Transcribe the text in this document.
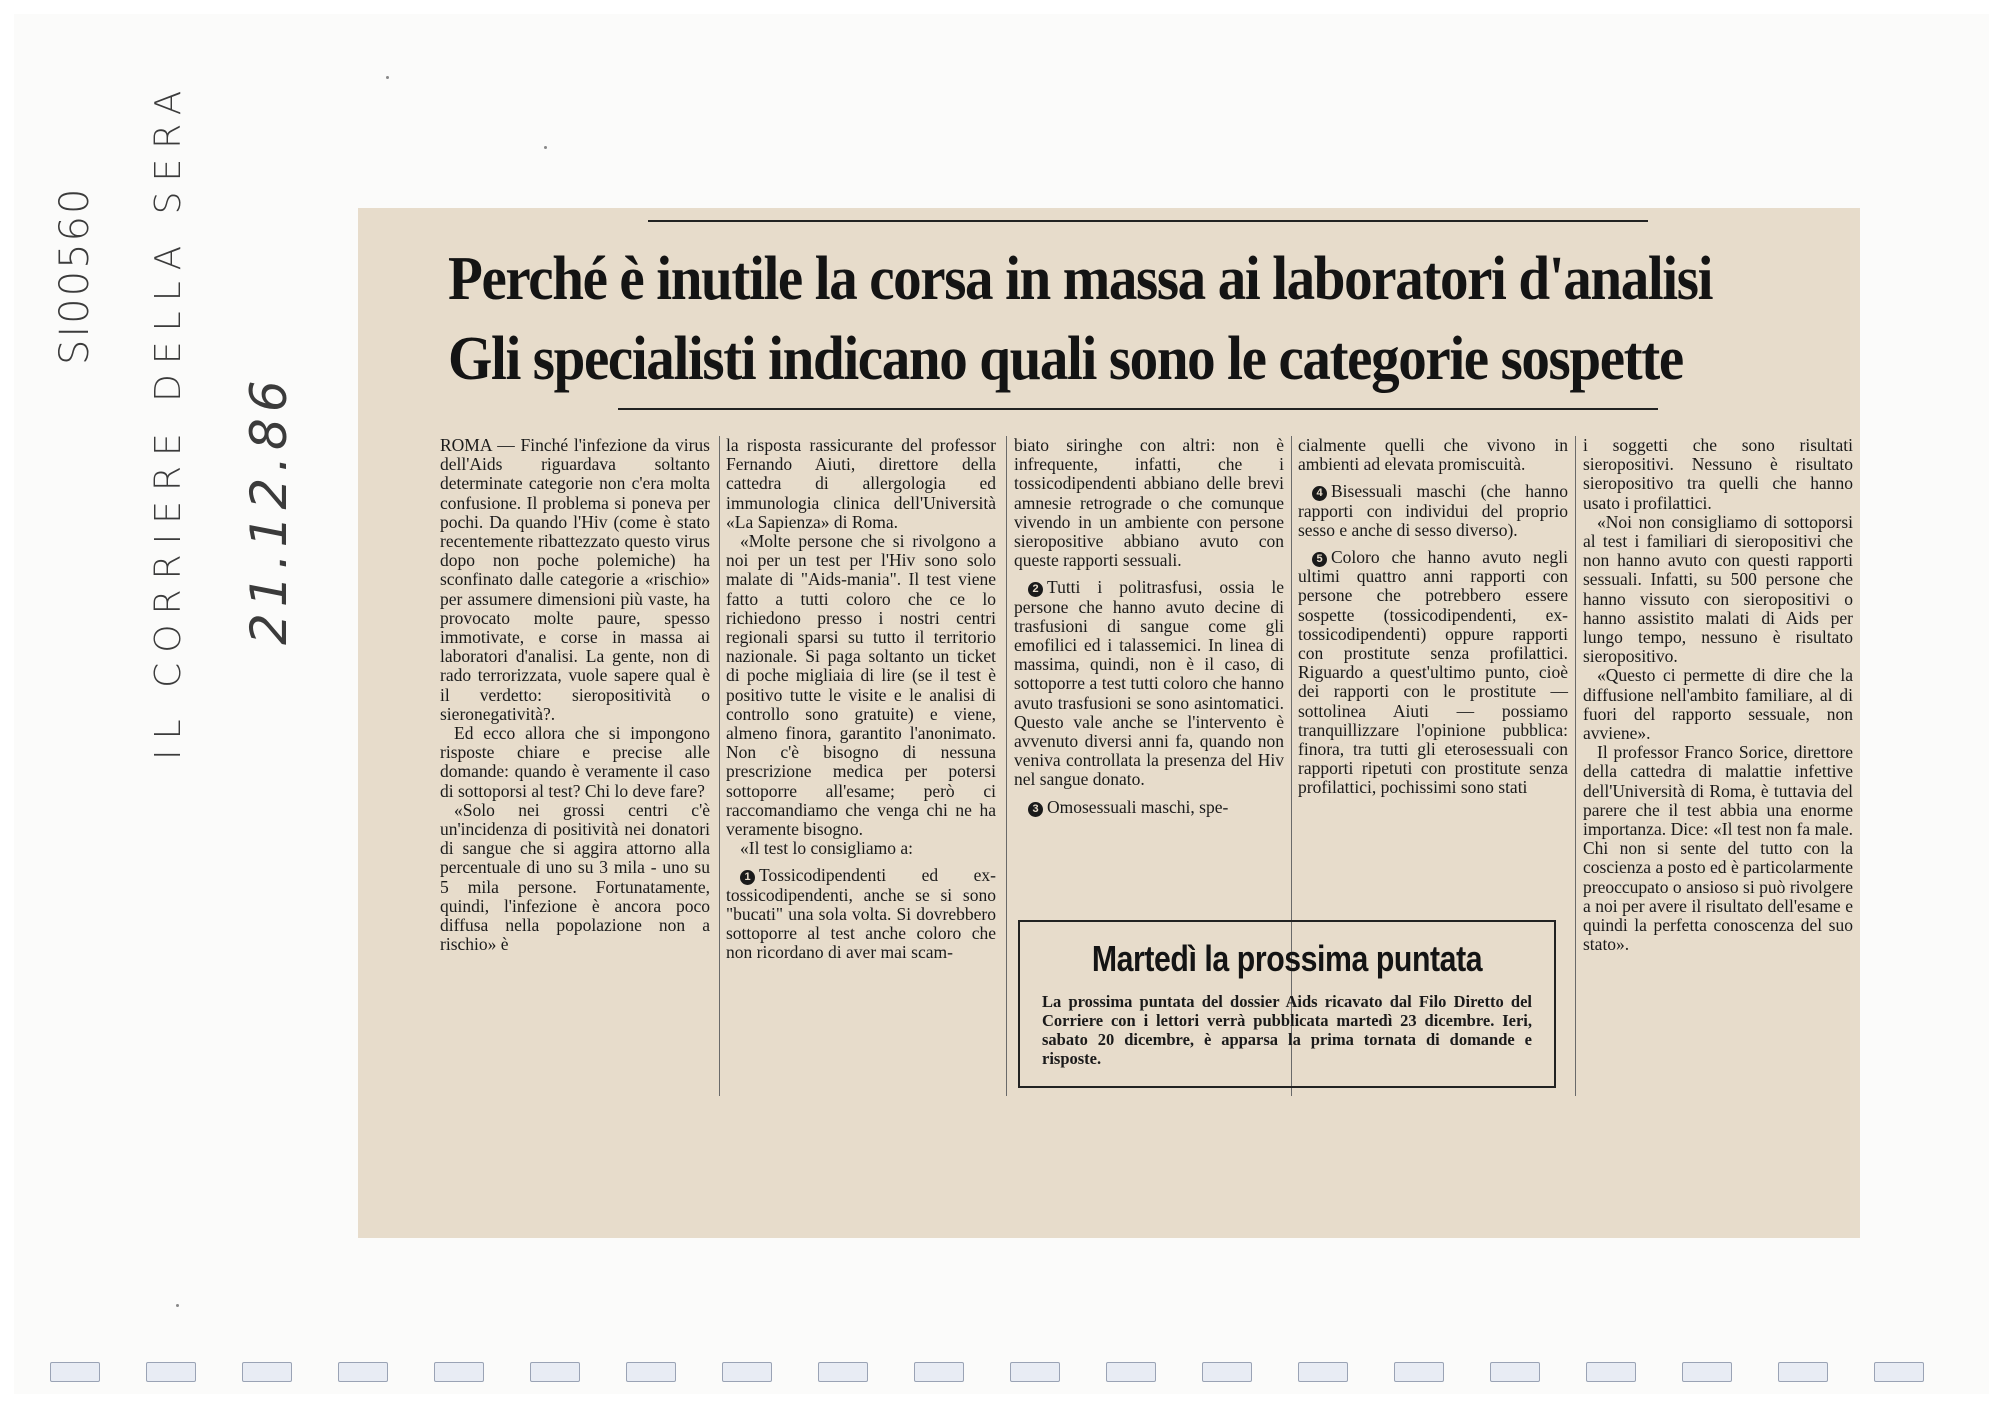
SI00560 IL CORRIERE DELLA SERA 21.12.86
Perché è inutile la corsa in massa ai laboratori d'analisi
Gli specialisti indicano quali sono le categorie sospette

ROMA — Finché l'infezione da virus dell'Aids riguardava soltanto determinate categorie non c'era molta confusione. Il problema si poneva per pochi. Da quando l'Hiv (come è stato recentemente ribattezzato questo virus dopo non poche polemiche) ha sconfinato dalle categorie a «rischio» per assumere dimensioni più vaste, ha provocato molte paure, spesso immotivate, e corse in massa ai laboratori d'analisi. La gente, non di rado terrorizzata, vuole sapere qual è il verdetto: sieropositività o sieronegatività?.

Ed ecco allora che si impongono risposte chiare e precise alle domande: quando è veramente il caso di sottoporsi al test? Chi lo deve fare?

«Solo nei grossi centri c'è un'incidenza di positività nei donatori di sangue che si aggira attorno alla percentuale di uno su 3 mila - uno su 5 mila persone. Fortunatamente, quindi, l'infezione è ancora poco diffusa nella popolazione non a rischio» è

la risposta rassicurante del professor Fernando Aiuti, direttore della cattedra di allergologia ed immunologia clinica dell'Università «La Sapienza» di Roma.

«Molte persone che si rivolgono a noi per un test per l'Hiv sono solo malate di "Aids-mania". Il test viene fatto a tutti coloro che ce lo richiedono presso i nostri centri regionali sparsi su tutto il territorio nazionale. Si paga soltanto un ticket di poche migliaia di lire (se il test è positivo tutte le visite e le analisi di controllo sono gratuite) e viene, almeno finora, garantito l'anonimato. Non c'è bisogno di nessuna prescrizione medica per potersi sottoporre all'esame; però ci raccomandiamo che venga chi ne ha veramente bisogno.

«Il test lo consigliamo a:

1 Tossicodipendenti ed ex-tossicodipendenti, anche se si sono "bucati" una sola volta. Si dovrebbero sottoporre al test anche coloro che non ricordano di aver mai scam-

biato siringhe con altri: non è infrequente, infatti, che i tossicodipendenti abbiano delle brevi amnesie retrograde o che comunque vivendo in un ambiente con persone sieropositive abbiano avuto con queste rapporti sessuali.

2 Tutti i politrasfusi, ossia le persone che hanno avuto decine di trasfusioni di sangue come gli emofilici ed i talassemici. In linea di massima, quindi, non è il caso, di sottoporre a test tutti coloro che hanno avuto trasfusioni se sono asintomatici. Questo vale anche se l'intervento è avvenuto diversi anni fa, quando non veniva controllata la presenza del Hiv nel sangue donato.

3 Omosessuali maschi, spe-

cialmente quelli che vivono in ambienti ad elevata promiscuità.

4 Bisessuali maschi (che hanno rapporti con individui del proprio sesso e anche di sesso diverso).

5 Coloro che hanno avuto negli ultimi quattro anni rapporti con persone che potrebbero essere sospette (tossicodipendenti, ex-tossicodipendenti) oppure rapporti con prostitute senza profilattici. Riguardo a quest'ultimo punto, cioè dei rapporti con le prostitute — sottolinea Aiuti — possiamo tranquillizzare l'opinione pubblica: finora, tra tutti gli eterosessuali con rapporti ripetuti con prostitute senza profilattici, pochissimi sono stati

i soggetti che sono risultati sieropositivi. Nessuno è risultato sieropositivo tra quelli che hanno usato i profilattici.

«Noi non consigliamo di sottoporsi al test i familiari di sieropositivi che non hanno avuto con questi rapporti sessuali. Infatti, su 500 persone che hanno vissuto con sieropositivi o hanno assistito malati di Aids per lungo tempo, nessuno è risultato sieropositivo.

«Questo ci permette di dire che la diffusione nell'ambito familiare, al di fuori del rapporto sessuale, non avviene».

Il professor Franco Sorice, direttore della cattedra di malattie infettive dell'Università di Roma, è tuttavia del parere che il test abbia una enorme importanza. Dice: «Il test non fa male. Chi non si sente del tutto con la coscienza a posto ed è particolarmente preoccupato o ansioso si può rivolgere a noi per avere il risultato dell'esame e quindi la perfetta conoscenza del suo stato».

Martedì la prossima puntata

La prossima puntata del dossier Aids ricavato dal Filo Diretto del Corriere con i lettori verrà pubblicata martedì 23 dicembre. Ieri, sabato 20 dicembre, è apparsa la prima tornata di domande e risposte.
